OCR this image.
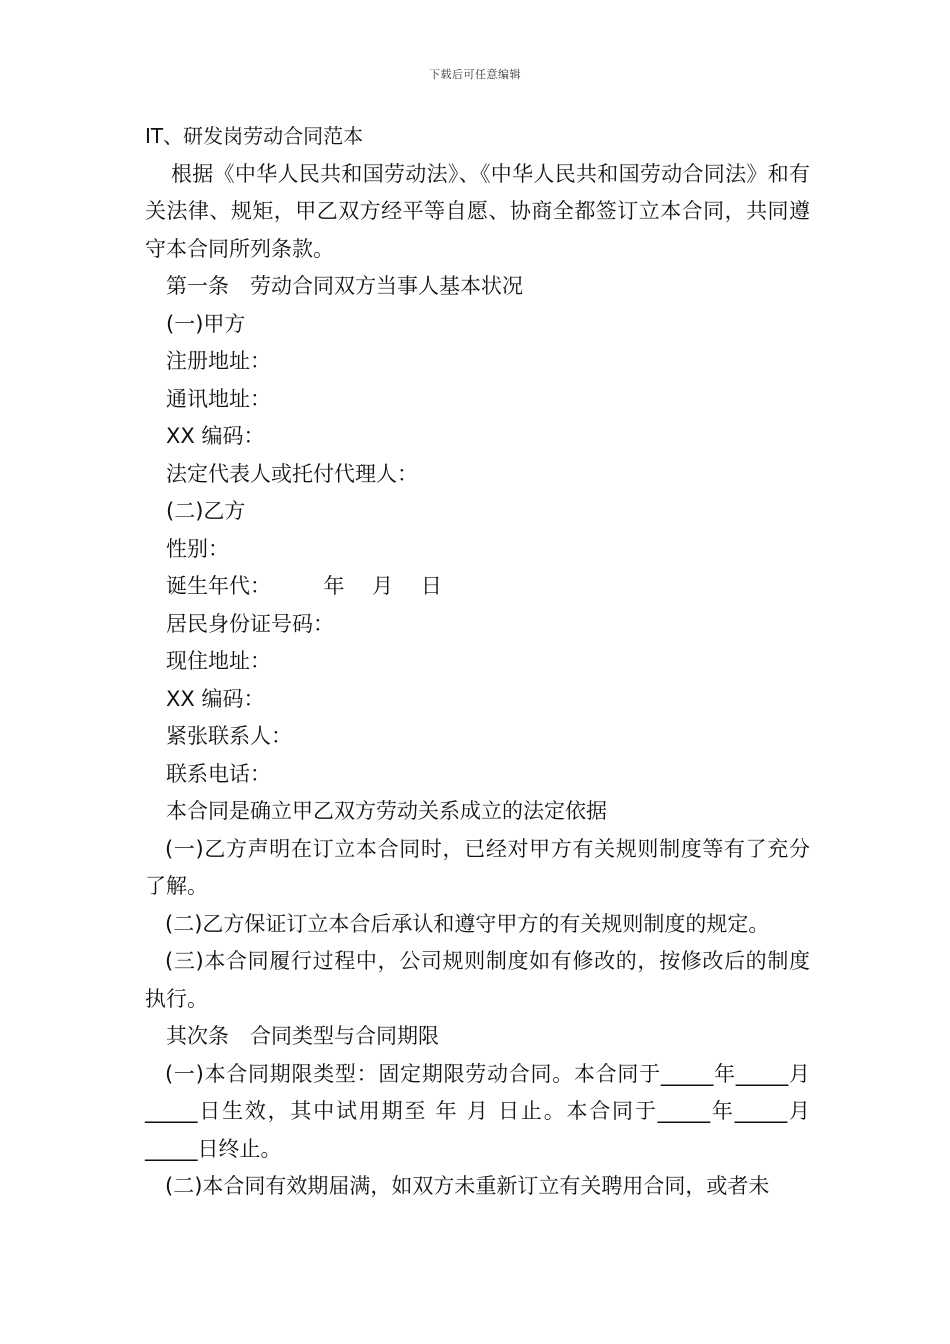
下载后可任意编辑
IT、研发岗劳动合同范本
根据《中华人民共和国劳动法》、《中华人民共和国劳动合同法》和有关法律、规矩，甲乙双方经平等自愿、协商全都签订立本合同，共同遵守本合同所列条款。
第一条　劳动合同双方当事人基本状况
(一)甲方
注册地址：
通讯地址：
XX 编码：
法定代表人或托付代理人：
(二)乙方
性别：
诞生年代：　　　年　 月　 日
居民身份证号码：
现住地址：
XX 编码：
紧张联系人：
联系电话：
本合同是确立甲乙双方劳动关系成立的法定依据
(一)乙方声明在订立本合同时，已经对甲方有关规则制度等有了充分了解。
(二)乙方保证订立本合后承认和遵守甲方的有关规则制度的规定。
(三)本合同履行过程中，公司规则制度如有修改的，按修改后的制度执行。
其次条　合同类型与合同期限
(一)本合同期限类型：固定期限劳动合同。本合同于_____年_____月_____日生效，其中试用期至 年 月 日止。本合同于_____年_____月_____日终止。
(二)本合同有效期届满，如双方未重新订立有关聘用合同，或者未
